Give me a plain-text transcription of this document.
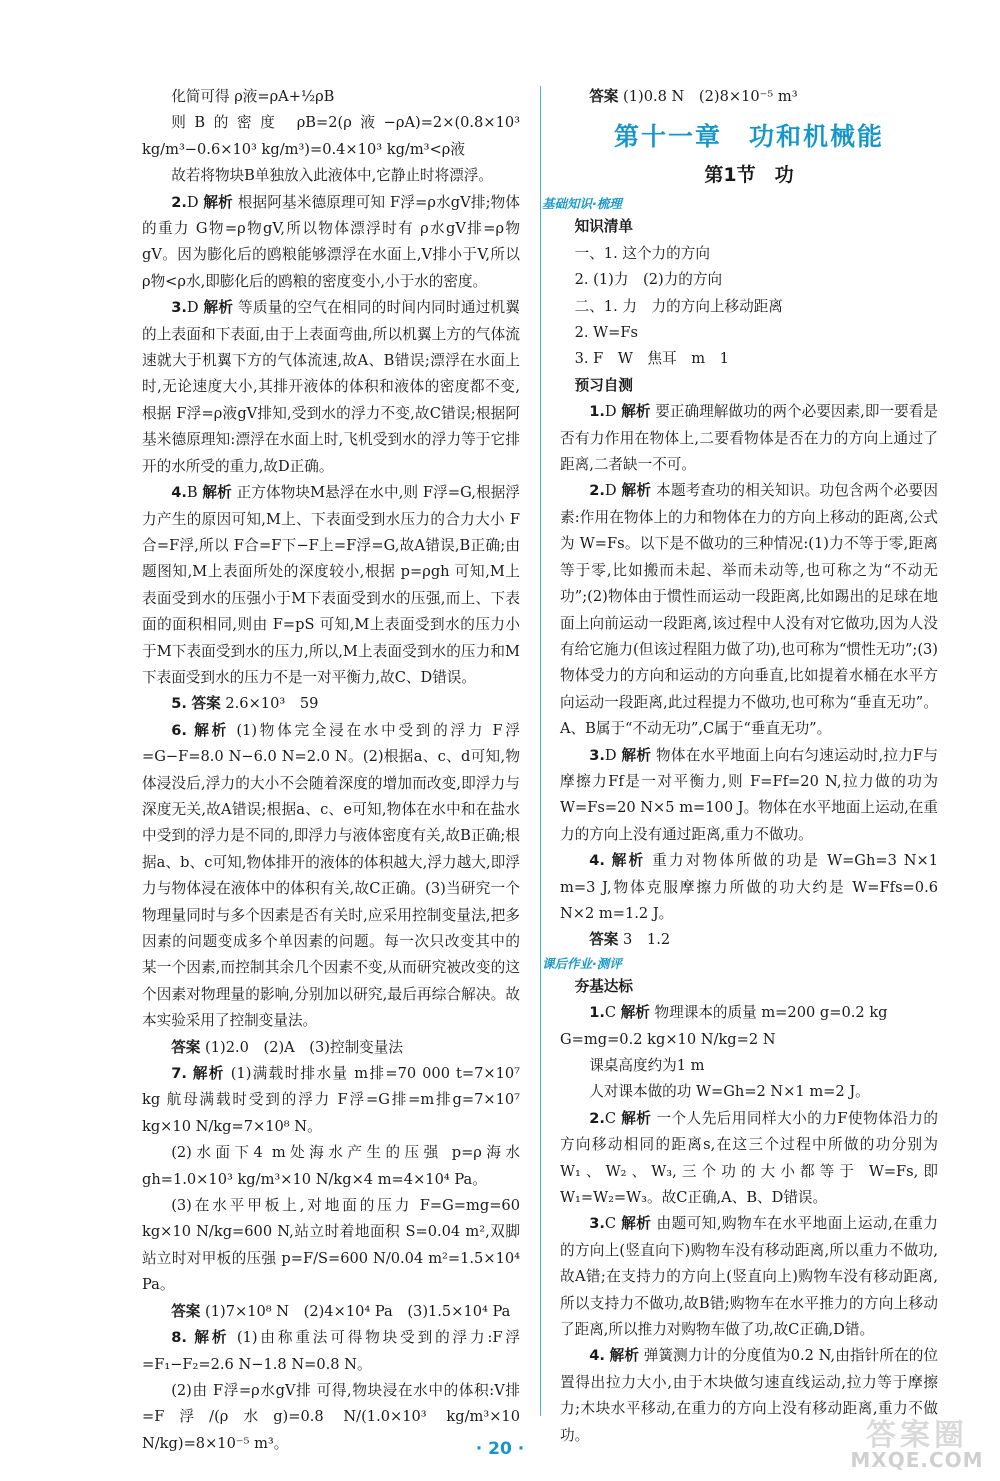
化简可得 ρ液=ρA+½ρB

则B的密度 ρB=2(ρ液−ρA)=2×(0.8×10³ kg/m³−0.6×10³ kg/m³)=0.4×10³ kg/m³<ρ液

故若将物块B单独放入此液体中,它静止时将漂浮。

2.D 解析 根据阿基米德原理可知 F浮=ρ水gV排;物体的重力 G物=ρ物gV,所以物体漂浮时有 ρ水gV排=ρ物gV。因为膨化后的鸥粮能够漂浮在水面上,V排小于V,所以 ρ物<ρ水,即膨化后的鸥粮的密度变小,小于水的密度。

3.D 解析 等质量的空气在相同的时间内同时通过机翼的上表面和下表面,由于上表面弯曲,所以机翼上方的气体流速就大于机翼下方的气体流速,故A、B错误;漂浮在水面上时,无论速度大小,其排开液体的体积和液体的密度都不变,根据 F浮=ρ液gV排知,受到水的浮力不变,故C错误;根据阿基米德原理知:漂浮在水面上时,飞机受到水的浮力等于它排开的水所受的重力,故D正确。

4.B 解析 正方体物块M悬浮在水中,则 F浮=G,根据浮力产生的原因可知,M上、下表面受到水压力的合力大小 F合=F浮,所以 F合=F下−F上=F浮=G,故A错误,B正确;由题图知,M上表面所处的深度较小,根据 p=ρgh 可知,M上表面受到水的压强小于M下表面受到水的压强,而上、下表面的面积相同,则由 F=pS 可知,M上表面受到水的压力小于M下表面受到水的压力,所以,M上表面受到水的压力和M下表面受到水的压力不是一对平衡力,故C、D错误。

5. 答案 2.6×10³　59

6. 解析 (1)物体完全浸在水中受到的浮力 F浮=G−F=8.0 N−6.0 N=2.0 N。(2)根据a、c、d可知,物体浸没后,浮力的大小不会随着深度的增加而改变,即浮力与深度无关,故A错误;根据a、c、e可知,物体在水中和在盐水中受到的浮力是不同的,即浮力与液体密度有关,故B正确;根据a、b、c可知,物体排开的液体的体积越大,浮力越大,即浮力与物体浸在液体中的体积有关,故C正确。(3)当研究一个物理量同时与多个因素是否有关时,应采用控制变量法,把多因素的问题变成多个单因素的问题。每一次只改变其中的某一个因素,而控制其余几个因素不变,从而研究被改变的这个因素对物理量的影响,分别加以研究,最后再综合解决。故本实验采用了控制变量法。

答案 (1)2.0　(2)A　(3)控制变量法

7. 解析 (1)满载时排水量 m排=70 000 t=7×10⁷ kg 航母满载时受到的浮力 F浮=G排=m排g=7×10⁷ kg×10 N/kg=7×10⁸ N。

(2)水面下4 m处海水产生的压强 p=ρ海水gh=1.0×10³ kg/m³×10 N/kg×4 m=4×10⁴ Pa。

(3)在水平甲板上,对地面的压力 F=G=mg=60 kg×10 N/kg=600 N,站立时着地面积 S=0.04 m²,双脚站立时对甲板的压强 p=F/S=600 N/0.04 m²=1.5×10⁴ Pa。

答案 (1)7×10⁸ N　(2)4×10⁴ Pa　(3)1.5×10⁴ Pa

8. 解析 (1)由称重法可得物块受到的浮力:F浮=F₁−F₂=2.6 N−1.8 N=0.8 N。

(2)由 F浮=ρ水gV排 可得,物块浸在水中的体积:V排=F浮/(ρ水g)=0.8 N/(1.0×10³ kg/m³×10 N/kg)=8×10⁻⁵ m³。

答案 (1)0.8 N　(2)8×10⁻⁵ m³

第十一章　功和机械能
第1节　功
基础知识·梳理
知识清单

一、1. 这个力的方向

2. (1)力　(2)力的方向

二、1. 力　力的方向上移动距离

2. W=Fs

3. F　W　焦耳　m　1

预习自测

1.D 解析 要正确理解做功的两个必要因素,即一要看是否有力作用在物体上,二要看物体是否在力的方向上通过了距离,二者缺一不可。

2.D 解析 本题考查功的相关知识。功包含两个必要因素:作用在物体上的力和物体在力的方向上移动的距离,公式为 W=Fs。以下是不做功的三种情况:(1)力不等于零,距离等于零,比如搬而未起、举而未动等,也可称之为“不动无功”;(2)物体由于惯性而运动一段距离,比如踢出的足球在地面上向前运动一段距离,该过程中人没有对它做功,因为人没有给它施力(但该过程阻力做了功),也可称为“惯性无功”;(3)物体受力的方向和运动的方向垂直,比如提着水桶在水平方向运动一段距离,此过程提力不做功,也可称为“垂直无功”。A、B属于“不动无功”,C属于“垂直无功”。

3.D 解析 物体在水平地面上向右匀速运动时,拉力F与摩擦力Ff是一对平衡力,则 F=Ff=20 N,拉力做的功为 W=Fs=20 N×5 m=100 J。物体在水平地面上运动,在重力的方向上没有通过距离,重力不做功。

4. 解析 重力对物体所做的功是 W=Gh=3 N×1 m=3 J,物体克服摩擦力所做的功大约是 W=Ffs=0.6 N×2 m=1.2 J。

答案 3　1.2

课后作业·测评
夯基达标

1.C 解析 物理课本的质量 m=200 g=0.2 kg

G=mg=0.2 kg×10 N/kg=2 N

课桌高度约为1 m

人对课本做的功 W=Gh=2 N×1 m=2 J。

2.C 解析 一个人先后用同样大小的力F使物体沿力的方向移动相同的距离s,在这三个过程中所做的功分别为 W₁、W₂、W₃,三个功的大小都等于 W=Fs,即 W₁=W₂=W₃。故C正确,A、B、D错误。

3.C 解析 由题可知,购物车在水平地面上运动,在重力的方向上(竖直向下)购物车没有移动距离,所以重力不做功,故A错;在支持力的方向上(竖直向上)购物车没有移动距离,所以支持力不做功,故B错;购物车在水平推力的方向上移动了距离,所以推力对购物车做了功,故C正确,D错。

4. 解析 弹簧测力计的分度值为0.2 N,由指针所在的位置得出拉力大小,由于木块做匀速直线运动,拉力等于摩擦力;木块水平移动,在重力的方向上没有移动距离,重力不做功。

· 20 ·	答案圈
MXQE.COM
